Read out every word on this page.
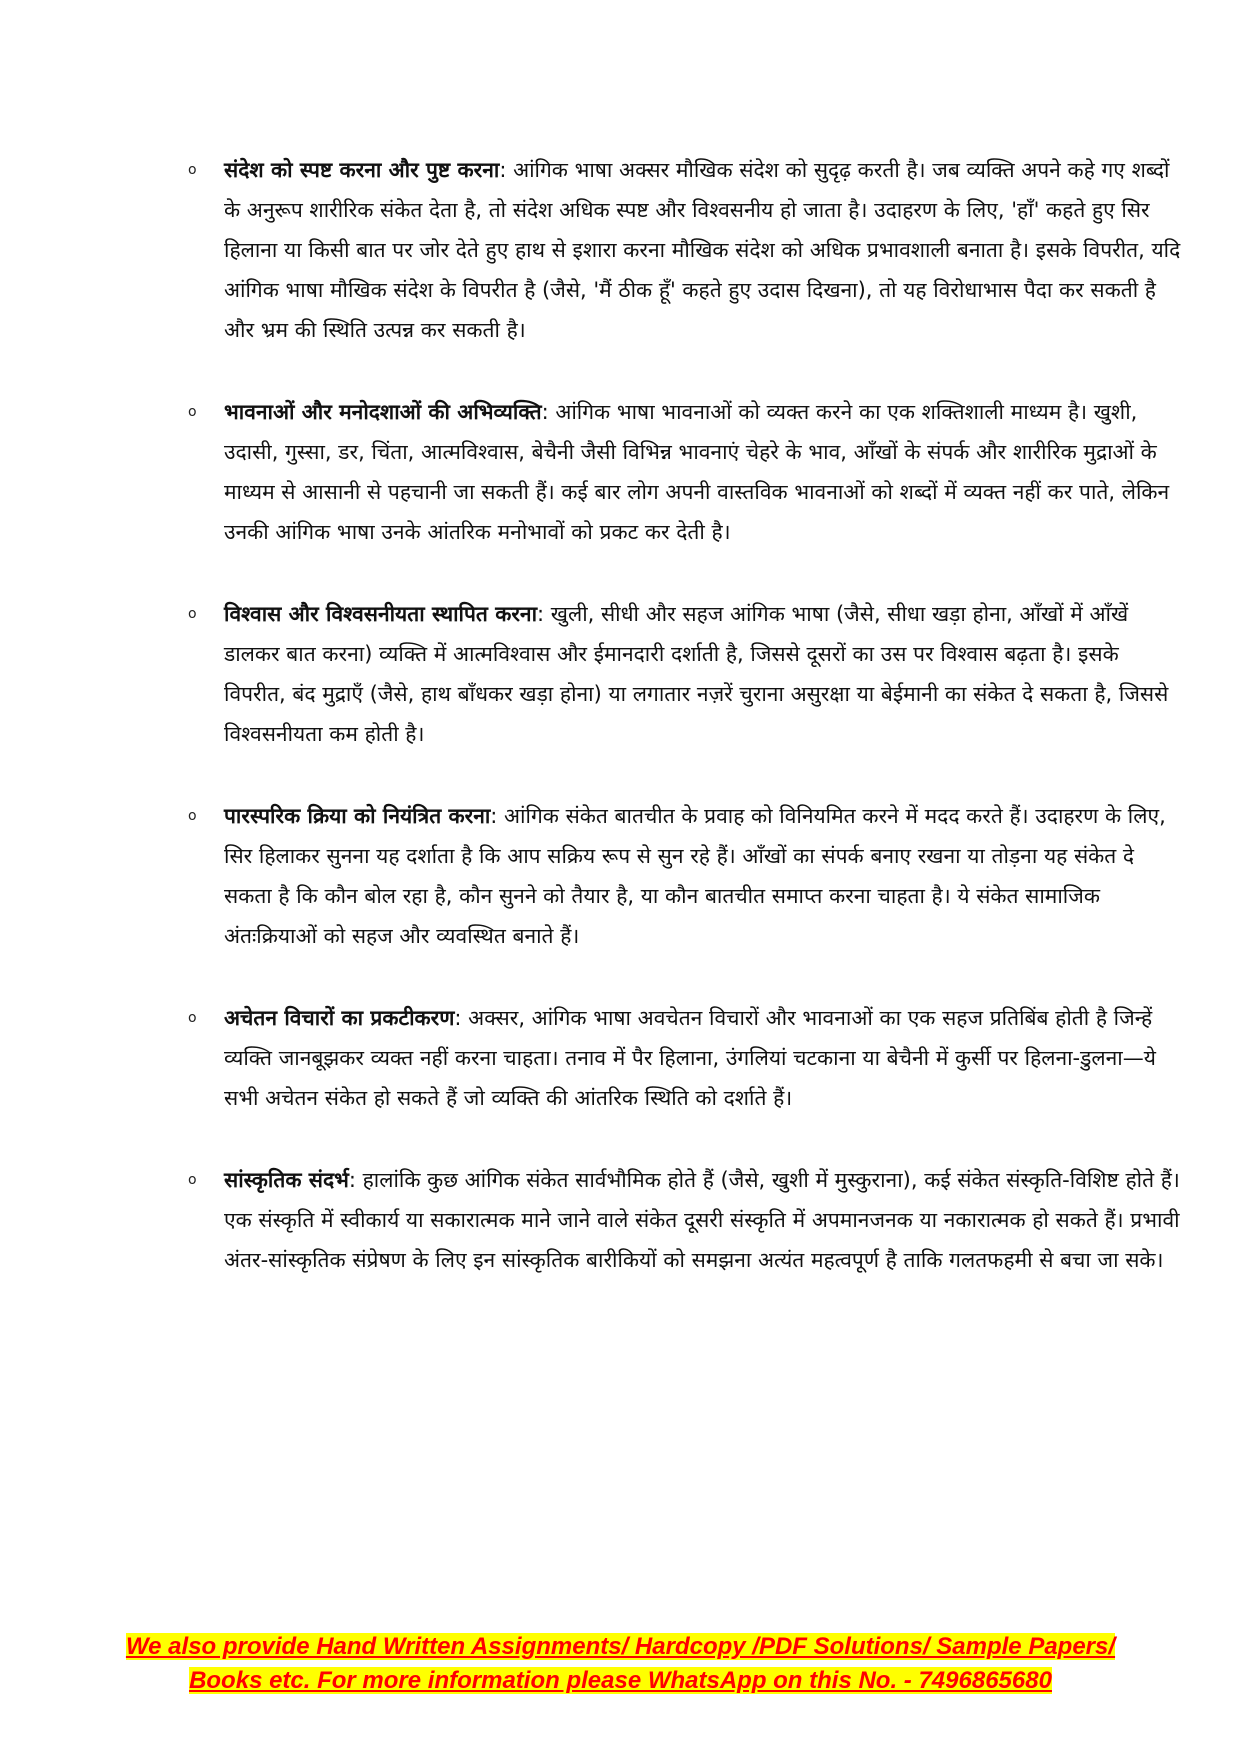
o संदेश को स्पष्ट करना और पुष्ट करना: आंगिक भाषा अक्सर मौखिक संदेश को सुदृढ़ करती है। जब व्यक्ति अपने कहे गए शब्दों के अनुरूप शारीरिक संकेत देता है, तो संदेश अधिक स्पष्ट और विश्वसनीय हो जाता है। उदाहरण के लिए, 'हाँ' कहते हुए सिर हिलाना या किसी बात पर जोर देते हुए हाथ से इशारा करना मौखिक संदेश को अधिक प्रभावशाली बनाता है। इसके विपरीत, यदि आंगिक भाषा मौखिक संदेश के विपरीत है (जैसे, 'मैं ठीक हूँ' कहते हुए उदास दिखना), तो यह विरोधाभास पैदा कर सकती है और भ्रम की स्थिति उत्पन्न कर सकती है।
o भावनाओं और मनोदशाओं की अभिव्यक्ति: आंगिक भाषा भावनाओं को व्यक्त करने का एक शक्तिशाली माध्यम है। खुशी, उदासी, गुस्सा, डर, चिंता, आत्मविश्वास, बेचैनी जैसी विभिन्न भावनाएं चेहरे के भाव, आँखों के संपर्क और शारीरिक मुद्राओं के माध्यम से आसानी से पहचानी जा सकती हैं। कई बार लोग अपनी वास्तविक भावनाओं को शब्दों में व्यक्त नहीं कर पाते, लेकिन उनकी आंगिक भाषा उनके आंतरिक मनोभावों को प्रकट कर देती है।
o विश्वास और विश्वसनीयता स्थापित करना: खुली, सीधी और सहज आंगिक भाषा (जैसे, सीधा खड़ा होना, आँखों में आँखें डालकर बात करना) व्यक्ति में आत्मविश्वास और ईमानदारी दर्शाती है, जिससे दूसरों का उस पर विश्वास बढ़ता है। इसके विपरीत, बंद मुद्राएँ (जैसे, हाथ बाँधकर खड़ा होना) या लगातार नज़रें चुराना असुरक्षा या बेईमानी का संकेत दे सकता है, जिससे विश्वसनीयता कम होती है।
o पारस्परिक क्रिया को नियंत्रित करना: आंगिक संकेत बातचीत के प्रवाह को विनियमित करने में मदद करते हैं। उदाहरण के लिए, सिर हिलाकर सुनना यह दर्शाता है कि आप सक्रिय रूप से सुन रहे हैं। आँखों का संपर्क बनाए रखना या तोड़ना यह संकेत दे सकता है कि कौन बोल रहा है, कौन सुनने को तैयार है, या कौन बातचीत समाप्त करना चाहता है। ये संकेत सामाजिक अंतःक्रियाओं को सहज और व्यवस्थित बनाते हैं।
o अचेतन विचारों का प्रकटीकरण: अक्सर, आंगिक भाषा अवचेतन विचारों और भावनाओं का एक सहज प्रतिबिंब होती है जिन्हें व्यक्ति जानबूझकर व्यक्त नहीं करना चाहता। तनाव में पैर हिलाना, उंगलियां चटकाना या बेचैनी में कुर्सी पर हिलना-डुलना—ये सभी अचेतन संकेत हो सकते हैं जो व्यक्ति की आंतरिक स्थिति को दर्शाते हैं।
o सांस्कृतिक संदर्भ: हालांकि कुछ आंगिक संकेत सार्वभौमिक होते हैं (जैसे, खुशी में मुस्कुराना), कई संकेत संस्कृति-विशिष्ट होते हैं। एक संस्कृति में स्वीकार्य या सकारात्मक माने जाने वाले संकेत दूसरी संस्कृति में अपमानजनक या नकारात्मक हो सकते हैं। प्रभावी अंतर-सांस्कृतिक संप्रेषण के लिए इन सांस्कृतिक बारीकियों को समझना अत्यंत महत्वपूर्ण है ताकि गलतफहमी से बचा जा सके।
We also provide Hand Written Assignments/ Hardcopy /PDF Solutions/ Sample Papers/
Books etc. For more information please WhatsApp on this No. - 7496865680
